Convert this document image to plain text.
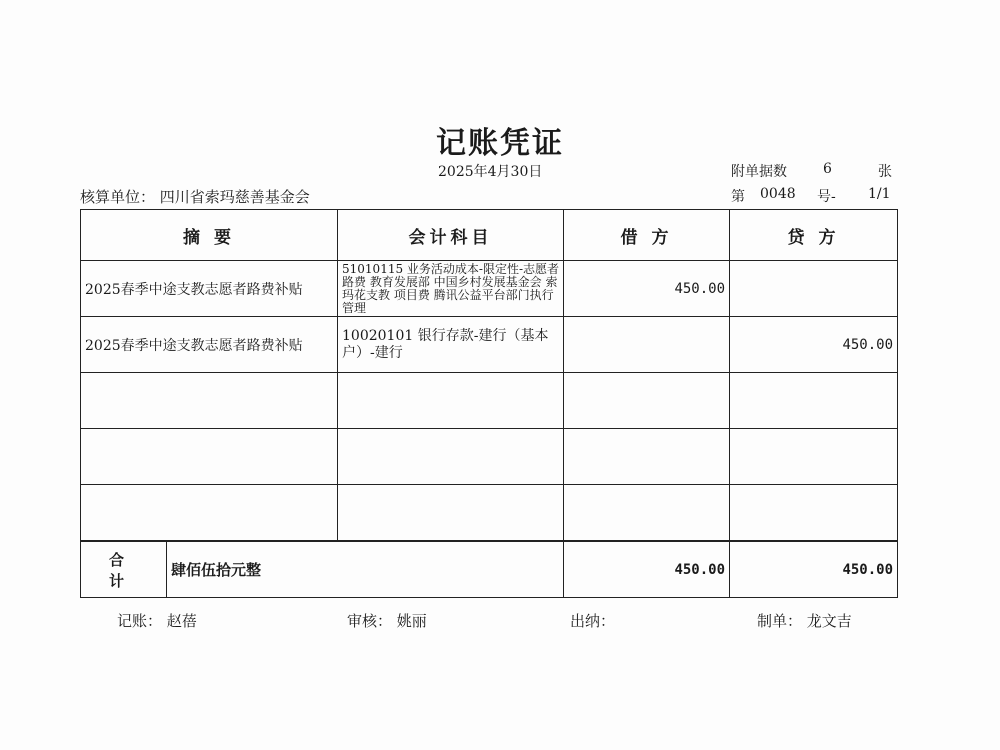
记账凭证
2025年4月30日	附单据数	6	张
核算单位： 四川省索玛慈善基金会	第 0048 号- 1/1
摘 要		会计科目	借 方	贷 方
2025春季中途支教志愿者路费补贴		51010115 业务活动成本-限定性-志愿者路费 教育发展部 中国乡村发展基金会 索玛花支教 项目费 腾讯公益平台部门执行管理	450.00	
2025春季中途支教志愿者路费补贴		10020101 银行存款-建行（基本户）-建行		450.00

合 计	肆佰伍拾元整		450.00	450.00
记账： 赵蓓	审核： 姚丽	出纳：	制单： 龙文吉
